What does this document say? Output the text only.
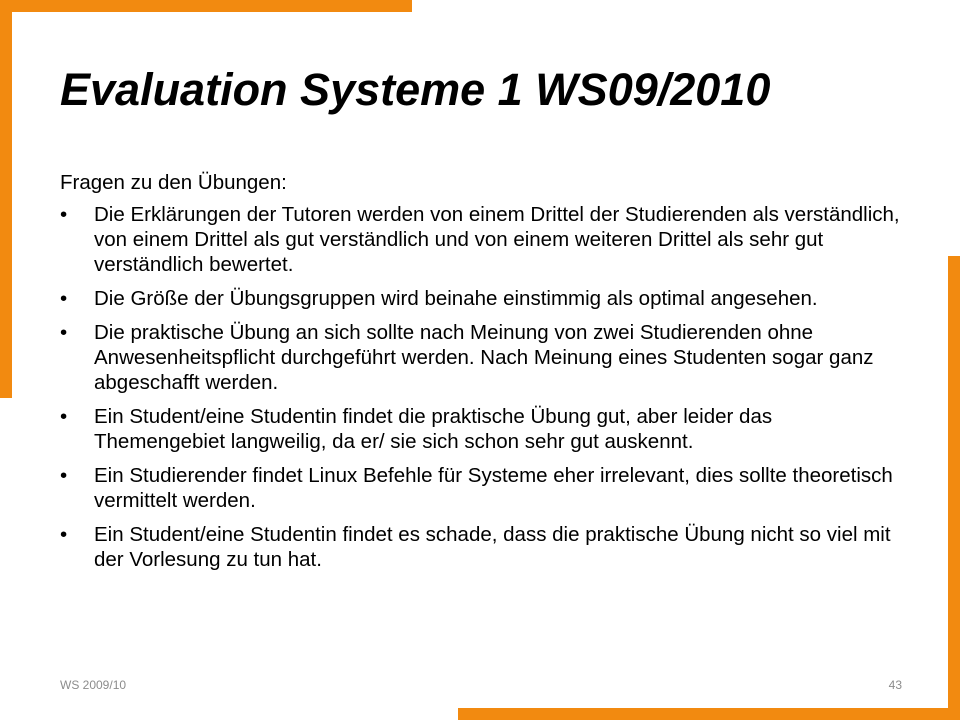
Evaluation Systeme 1 WS09/2010

Fragen zu den Übungen:

•	Die Erklärungen der Tutoren werden von einem Drittel der Studierenden als verständlich, von einem Drittel als gut verständlich und von einem weiteren Drittel als sehr gut verständlich bewertet.
•	Die Größe der Übungsgruppen wird beinahe einstimmig als optimal angesehen.
•	Die praktische Übung an sich sollte nach Meinung von zwei Studierenden ohne Anwesenheitspflicht durchgeführt werden. Nach Meinung eines Studenten sogar ganz abgeschafft werden.
•	Ein Student/eine Studentin findet die praktische Übung gut, aber leider das Themengebiet langweilig, da er/ sie sich schon sehr gut auskennt.
•	Ein Studierender findet Linux Befehle für Systeme eher irrelevant, dies sollte theoretisch vermittelt werden.
•	Ein Student/eine Studentin findet es schade, dass die praktische Übung nicht so viel mit der Vorlesung zu tun hat.
WS 2009/10	43
